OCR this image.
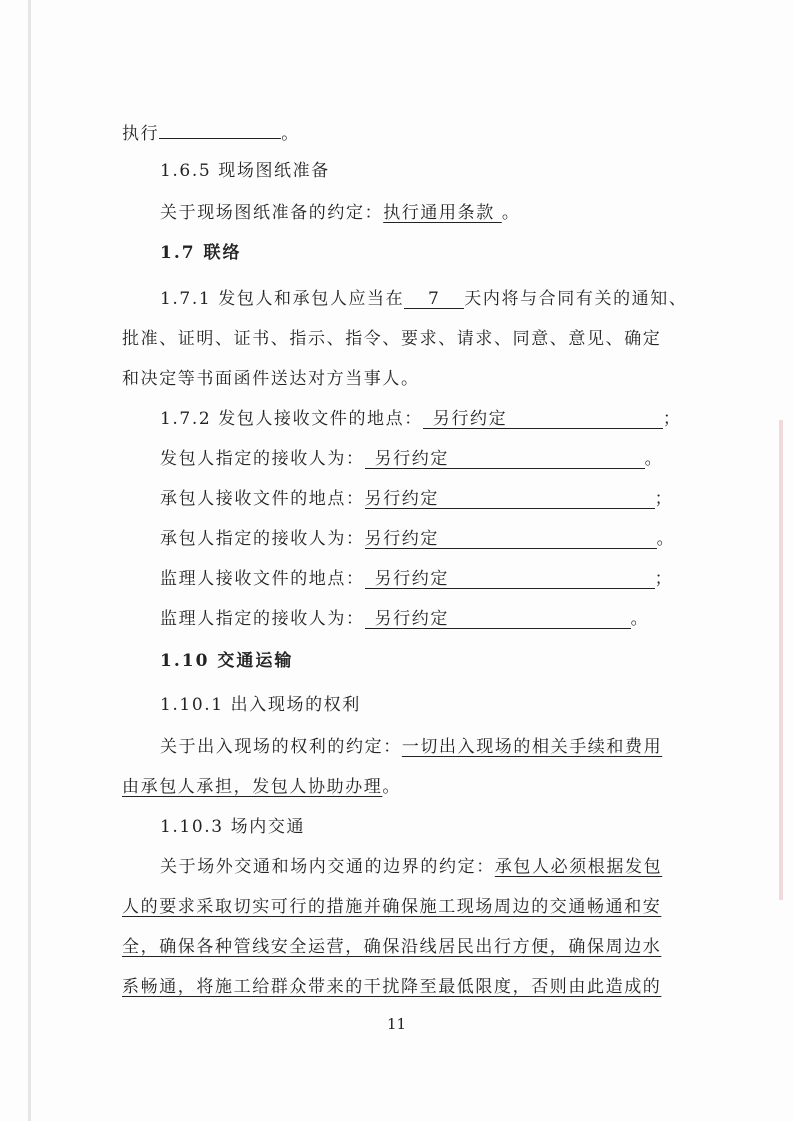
执行	。
1.6.5 现场图纸准备
关于现场图纸准备的约定：执行通用条款 。
1.7 联络
1.7.1 发包人和承包人应当在 7 天内将与合同有关的通知、
批准、证明、证书、指示、指令、要求、请求、同意、意见、确定
和决定等书面函件送达对方当事人。
1.7.2 发包人接收文件的地点： 另行约定	；
发包人指定的接收人为： 另行约定	。
承包人接收文件的地点：另行约定	；
承包人指定的接收人为：另行约定	。
监理人接收文件的地点： 另行约定	；
监理人指定的接收人为： 另行约定	。
1.10 交通运输
1.10.1 出入现场的权利
关于出入现场的权利的约定：一切出入现场的相关手续和费用
由承包人承担，发包人协助办理。
1.10.3 场内交通
关于场外交通和场内交通的边界的约定：承包人必须根据发包
人的要求采取切实可行的措施并确保施工现场周边的交通畅通和安
全，确保各种管线安全运营，确保沿线居民出行方便，确保周边水
系畅通，将施工给群众带来的干扰降至最低限度，否则由此造成的
11
